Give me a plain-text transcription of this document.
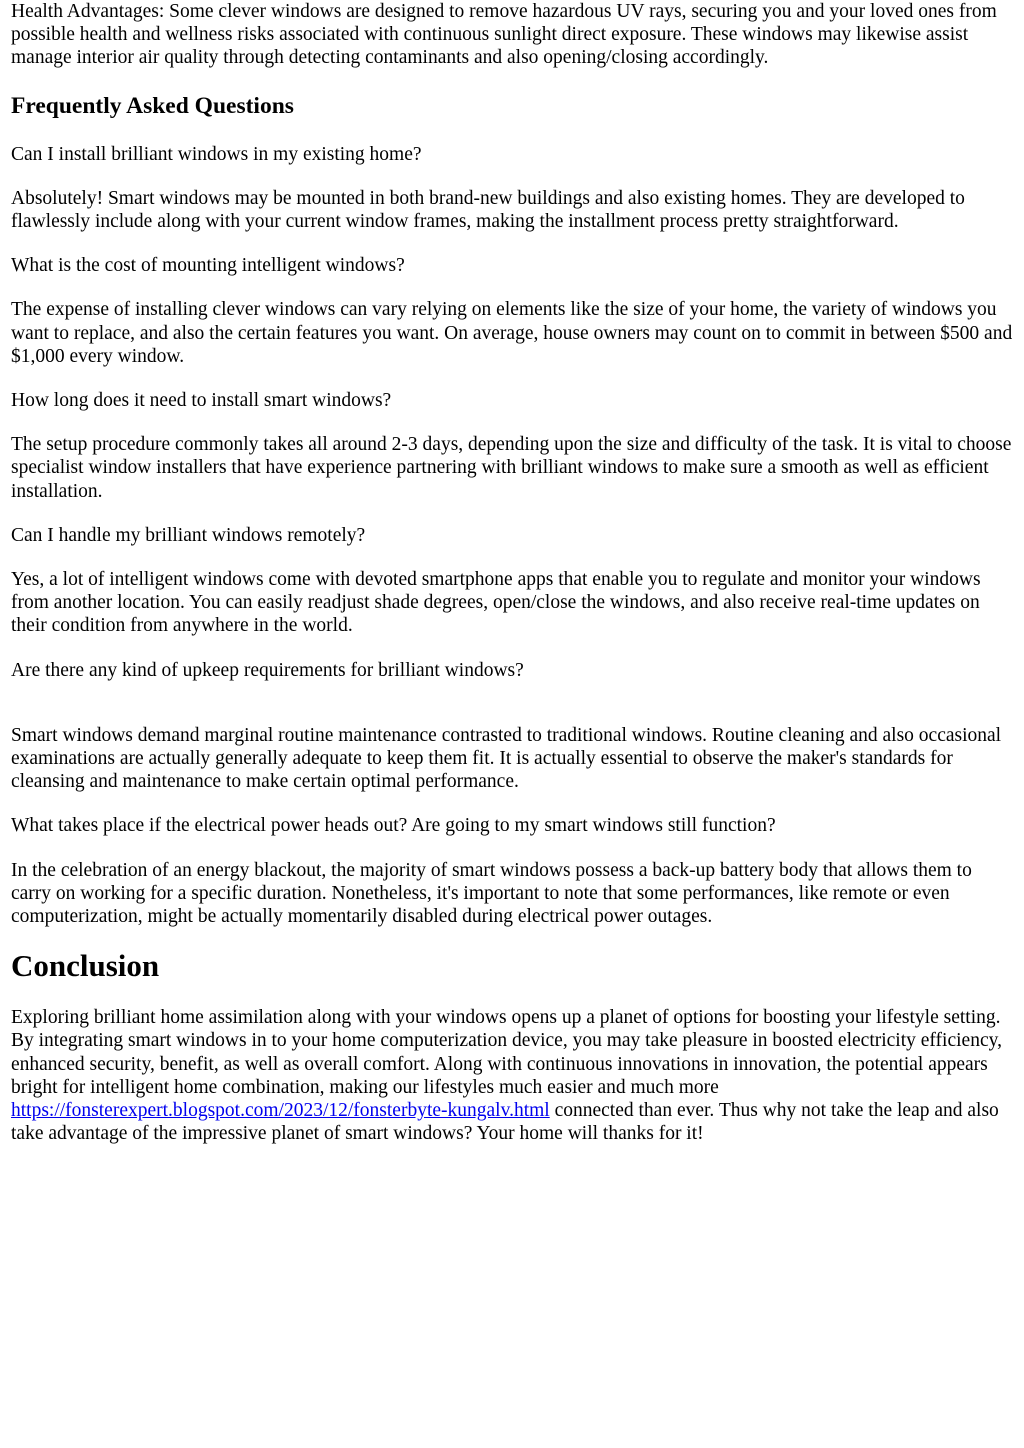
Health Advantages: Some clever windows are designed to remove hazardous UV rays, securing you and your loved ones from possible health and wellness risks associated with continuous sunlight direct exposure. These windows may likewise assist manage interior air quality through detecting contaminants and also opening/closing accordingly.

Frequently Asked Questions

Can I install brilliant windows in my existing home?

Absolutely! Smart windows may be mounted in both brand-new buildings and also existing homes. They are developed to flawlessly include along with your current window frames, making the installment process pretty straightforward.

What is the cost of mounting intelligent windows?

The expense of installing clever windows can vary relying on elements like the size of your home, the variety of windows you want to replace, and also the certain features you want. On average, house owners may count on to commit in between $500 and $1,000 every window.

How long does it need to install smart windows?

The setup procedure commonly takes all around 2-3 days, depending upon the size and difficulty of the task. It is vital to choose specialist window installers that have experience partnering with brilliant windows to make sure a smooth as well as efficient installation.

Can I handle my brilliant windows remotely?

Yes, a lot of intelligent windows come with devoted smartphone apps that enable you to regulate and monitor your windows from another location. You can easily readjust shade degrees, open/close the windows, and also receive real-time updates on their condition from anywhere in the world.

Are there any kind of upkeep requirements for brilliant windows?

Smart windows demand marginal routine maintenance contrasted to traditional windows. Routine cleaning and also occasional examinations are actually generally adequate to keep them fit. It is actually essential to observe the maker's standards for cleansing and maintenance to make certain optimal performance.

What takes place if the electrical power heads out? Are going to my smart windows still function?

In the celebration of an energy blackout, the majority of smart windows possess a back-up battery body that allows them to carry on working for a specific duration. Nonetheless, it's important to note that some performances, like remote or even computerization, might be actually momentarily disabled during electrical power outages.

Conclusion

Exploring brilliant home assimilation along with your windows opens up a planet of options for boosting your lifestyle setting. By integrating smart windows in to your home computerization device, you may take pleasure in boosted electricity efficiency, enhanced security, benefit, as well as overall comfort. Along with continuous innovations in innovation, the potential appears bright for intelligent home combination, making our lifestyles much easier and much more https://fonsterexpert.blogspot.com/2023/12/fonsterbyte-kungalv.html connected than ever. Thus why not take the leap and also take advantage of the impressive planet of smart windows? Your home will thanks for it!
